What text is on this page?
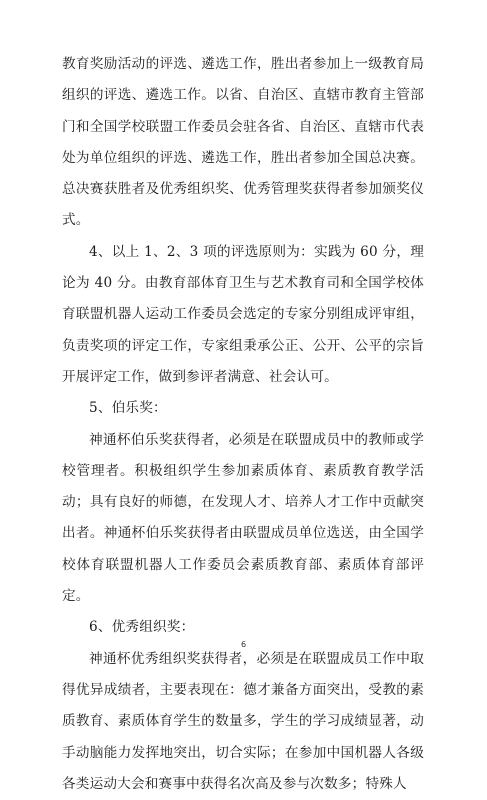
教育奖励活动的评选、遴选工作，胜出者参加上一级教育局组织的评选、遴选工作。以省、自治区、直辖市教育主管部门和全国学校联盟工作委员会驻各省、自治区、直辖市代表处为单位组织的评选、遴选工作，胜出者参加全国总决赛。总决赛获胜者及优秀组织奖、优秀管理奖获得者参加颁奖仪式。

4、以上 1、2、3 项的评选原则为：实践为 60 分，理论为 40 分。由教育部体育卫生与艺术教育司和全国学校体育联盟机器人运动工作委员会选定的专家分别组成评审组，负责奖项的评定工作，专家组秉承公正、公开、公平的宗旨开展评定工作，做到参评者满意、社会认可。

5、伯乐奖：

神通杯伯乐奖获得者，必须是在联盟成员中的教师或学校管理者。积极组织学生参加素质体育、素质教育教学活动；具有良好的师德，在发现人才、培养人才工作中贡献突出者。神通杯伯乐奖获得者由联盟成员单位选送，由全国学校体育联盟机器人工作委员会素质教育部、素质体育部评定。

6、优秀组织奖：

神通杯优秀组织奖获得者，必须是在联盟成员工作中取得优异成绩者，主要表现在：德才兼备方面突出，受教的素质教育、素质体育学生的数量多，学生的学习成绩显著，动手动脑能力发挥地突出，切合实际；在参加中国机器人各级各类运动大会和赛事中获得名次高及参与次数多；特殊人

6
